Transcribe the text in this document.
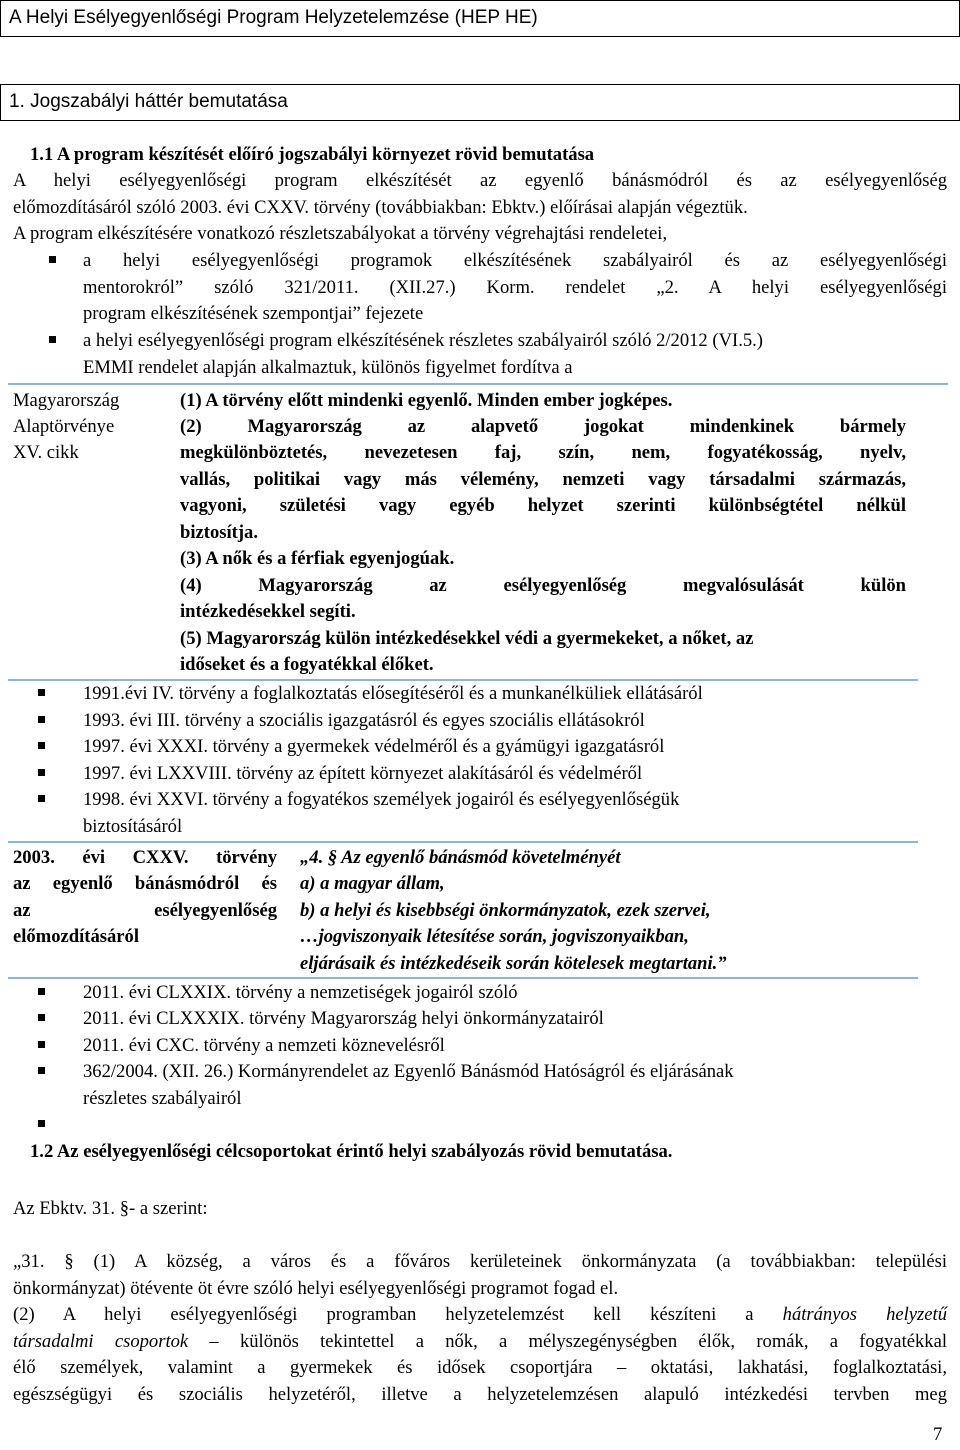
A Helyi Esélyegyenlőségi Program Helyzetelemzése (HEP HE)
1. Jogszabályi háttér bemutatása
1.1 A program készítését előíró jogszabályi környezet rövid bemutatása
A helyi esélyegyenlőségi program elkészítését az egyenlő bánásmódról és az esélyegyenlőség
előmozdításáról szóló 2003. évi CXXV. törvény (továbbiakban: Ebktv.) előírásai alapján végeztük.
A program elkészítésére vonatkozó részletszabályokat a törvény végrehajtási rendeletei,
a helyi esélyegyenlőségi programok elkészítésének szabályairól és az esélyegyenlőségi
mentorokról” szóló 321/2011. (XII.27.) Korm. rendelet „2. A helyi esélyegyenlőségi
program elkészítésének szempontjai” fejezete
a helyi esélyegyenlőségi program elkészítésének részletes szabályairól szóló 2/2012 (VI.5.)
EMMI rendelet alapján alkalmaztuk, különös figyelmet fordítva a
Magyarország
Alaptörvénye
XV. cikk
(1) A törvény előtt mindenki egyenlő. Minden ember jogképes.
(2) Magyarország az alapvető jogokat mindenkinek bármely
megkülönböztetés, nevezetesen faj, szín, nem, fogyatékosság, nyelv,
vallás, politikai vagy más vélemény, nemzeti vagy társadalmi származás,
vagyoni, születési vagy egyéb helyzet szerinti különbségtétel nélkül
biztosítja.
(3) A nők és a férfiak egyenjogúak.
(4) Magyarország az esélyegyenlőség megvalósulását külön
intézkedésekkel segíti.
(5) Magyarország külön intézkedésekkel védi a gyermekeket, a nőket, az
időseket és a fogyatékkal élőket.
1991.évi IV. törvény a foglalkoztatás elősegítéséről és a munkanélküliek ellátásáról
1993. évi III. törvény a szociális igazgatásról és egyes szociális ellátásokról
1997. évi XXXI. törvény a gyermekek védelméről és a gyámügyi igazgatásról
1997. évi LXXVIII. törvény az épített környezet alakításáról és védelméről
1998. évi XXVI. törvény a fogyatékos személyek jogairól és esélyegyenlőségük
biztosításáról
2003. évi CXXV. törvény
az egyenlő bánásmódról és
az esélyegyenlőség
előmozdításáról
„4. § Az egyenlő bánásmód követelményét
a) a magyar állam,
b) a helyi és kisebbségi önkormányzatok, ezek szervei,
…jogviszonyaik létesítése során, jogviszonyaikban,
eljárásaik és intézkedéseik során kötelesek megtartani.”
2011. évi CLXXIX. törvény a nemzetiségek jogairól szóló
2011. évi CLXXXIX. törvény Magyarország helyi önkormányzatairól
2011. évi CXC. törvény a nemzeti köznevelésről
362/2004. (XII. 26.) Kormányrendelet az Egyenlő Bánásmód Hatóságról és eljárásának
részletes szabályairól
1.2 Az esélyegyenlőségi célcsoportokat érintő helyi szabályozás rövid bemutatása.
Az Ebktv. 31. §- a szerint:
„31. § (1) A község, a város és a főváros kerületeinek önkormányzata (a továbbiakban: települési
önkormányzat) ötévente öt évre szóló helyi esélyegyenlőségi programot fogad el.
(2) A helyi esélyegyenlőségi programban helyzetelemzést kell készíteni a hátrányos helyzetű
társadalmi csoportok – különös tekintettel a nők, a mélyszegénységben élők, romák, a fogyatékkal
élő személyek, valamint a gyermekek és idősek csoportjára – oktatási, lakhatási, foglalkoztatási,
egészségügyi és szociális helyzetéről, illetve a helyzetelemzésen alapuló intézkedési tervben meg
7
